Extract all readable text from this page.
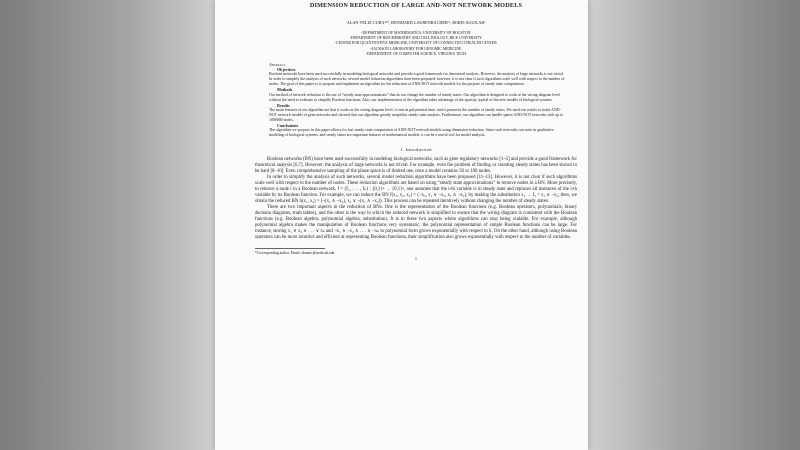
DIMENSION REDUCTION OF LARGE AND-NOT NETWORK MODELS
ALAN VELIZ-CUBAᵃᵇ*, REINHARD LAUBENBACHERᶜᵈ, BORIS AGUILARᵉ
ᵃDEPARTMENT OF MATHEMATICS, UNIVERSITY OF HOUSTON
ᵇDEPARTMENT OF BIOCHEMISTRY AND CELL BIOLOGY, RICE UNIVERSITY
ᶜCENTER FOR QUANTITATIVE MEDICINE, UNIVERSITY OF CONNECTICUT HEALTH CENTER
ᵈJACKSON LABORATORY FOR GENOMIC MEDICINE
ᵉDEPARTMENT OF COMPUTER SCIENCE, VIRGINIA TECH
Abstract.
Objectives
Boolean networks have been used successfully in modeling biological networks and provide a good framework for theoretical analysis. However, the analysis of large networks is not trivial. In order to simplify the analysis of such networks, several model reduction algorithms have been proposed; however, it is not clear if such algorithms scale well with respect to the number of nodes. The goal of this paper is to propose and implement an algorithm for the reduction of AND-NOT network models for the purpose of steady state computation.
Methods
Our method of network reduction is the use of “steady state approximations” that do not change the number of steady states. Our algorithm is designed to work at the wiring diagram level without the need to evaluate or simplify Boolean functions. Also, our implementation of the algorithm takes advantage of the sparsity typical of discrete models of biological systems.
Results
The main features of our algorithm are that it works at the wiring diagram level, it runs in polynomial time, and it preserves the number of steady states. We used our results to study AND-NOT network models of gene networks and showed that our algorithm greatly simplifies steady state analysis. Furthermore, our algorithm can handle sparse AND-NOT networks with up to 1000000 nodes.
Conclusions
The algorithm we propose in this paper allows for fast steady state computation of AND-NOT network models using dimension reduction. Since such networks can arise in qualitative modeling of biological systems, and steady states are important features of mathematical models, it can be a useful tool for model analysis.
1. Introduction

Boolean networks (BN) have been used successfully in modeling biological networks, such as gene regulatory networks [1–5] and provide a good framework for theoretical analysis [6,7]. However, the analysis of large networks is not trivial. For example, even the problem of finding or counting steady states has been shown to be hard [8–10]. Even comprehensive sampling of the phase space is of limited use, once a model contains 50 or 100 nodes.

In order to simplify the analysis of such networks, several model reduction algorithms have been proposed [11–13]. However, it is not clear if such algorithms scale well with respect to the number of nodes. These reduction algorithms are based on using “steady state approximations” to remove nodes in a BN. More precisely, to remove a node i in a Boolean network, f = (f₁, . . . , fₙ) : {0,1}ⁿ → {0,1}ⁿ, one assumes that the i-th variable is in steady state and replaces all instances of the i-th variable by its Boolean function. For example, we can reduce the BN f(x₁, x₂, x₃) = (¬x₃, x₁ ∨ ¬x₃, x₁ ∧ ¬x₂), by making the substitution x₃ → f₃ = x₁ ∧ ¬x₂; then, we obtain the reduced BN h(x₁, x₂) = (¬(x₁ ∧ ¬x₂), x₁ ∨ ¬(x₁ ∧ ¬x₂)). This process can be repeated iteratively without changing the number of steady states.

There are two important aspects in the reduction of BNs. One is the representation of the Boolean functions (e.g. Boolean operators, polynomials, binary decision diagrams, truth tables), and the other is the way in which the reduced network is simplified to ensure that the wiring diagram is consistent with the Boolean functions (e.g. Boolean algebra, polynomial algebra, substitution). It is in these two aspects where algorithms can stop being scalable. For example, although polynomial algebra makes the manipulation of Boolean functions very systematic, the polynomial representation of simple Boolean functions can be large. For instance, storing x₁ ∨ x₂ ∨ . . . ∨ xₖ and ¬x₁ ∧ ¬x₂ ∧ . . . ∧ ¬xₖ in polynomial form grows exponentially with respect to k. On the other hand, although using Boolean operators can be more intuitive and efficient at representing Boolean functions, their simplification also grows exponentially with respect to the number of variables.

*Corresponding author. Email: alanavc@math.uh.edu
1
